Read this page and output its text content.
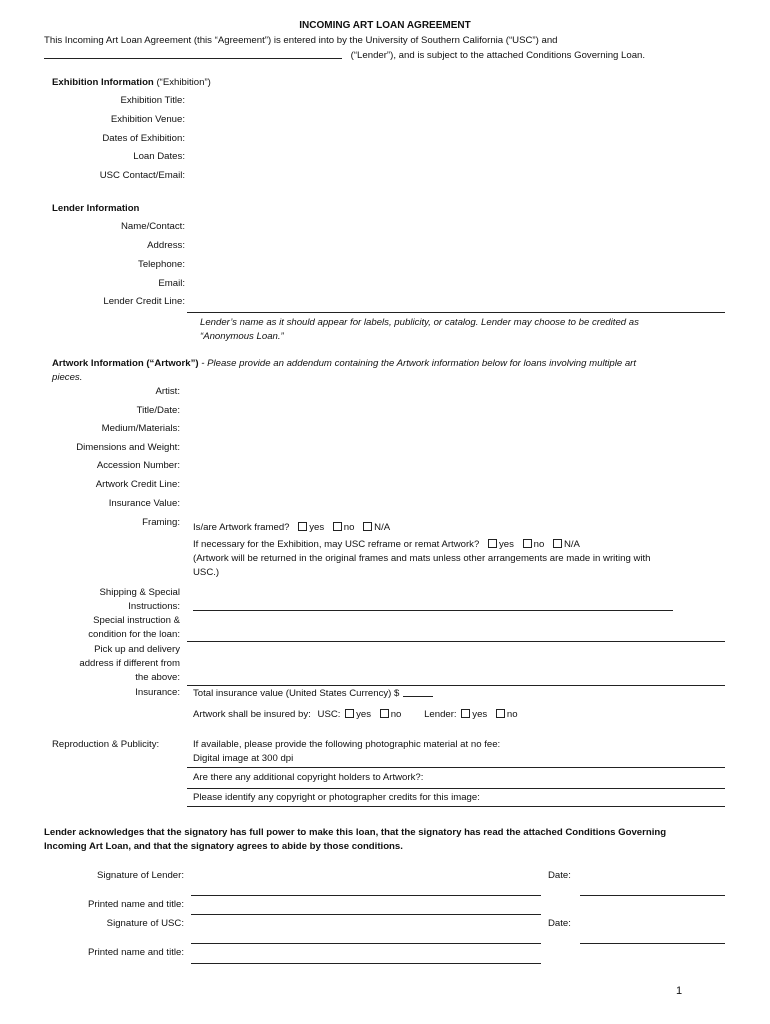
INCOMING ART LOAN AGREEMENT
This Incoming Art Loan Agreement (this “Agreement”) is entered into by the University of Southern California (“USC”) and
(“Lender”), and is subject to the attached Conditions Governing Loan.
Exhibition Information (“Exhibition”)
Exhibition Title:
Exhibition Venue:
Dates of Exhibition:
Loan Dates:
USC Contact/Email:
Lender Information
Name/Contact:
Address:
Telephone:
Email:
Lender Credit Line:
Lender’s name as it should appear for labels, publicity, or catalog. Lender may choose to be credited as
“Anonymous Loan.”
Artwork Information (“Artwork”) - Please provide an addendum containing the Artwork information below for loans involving multiple art
pieces.
Artist:
Title/Date:
Medium/Materials:
Dimensions and Weight:
Accession Number:
Artwork Credit Line:
Insurance Value:
Framing: Is/are Artwork framed? yes no N/A
If necessary for the Exhibition, may USC reframe or remat Artwork? yes no N/A
(Artwork will be returned in the original frames and mats unless other arrangements are made in writing with
USC.)
Shipping & Special
Instructions:
Special instruction &
condition for the loan:
Pick up and delivery
address if different from
the above:
Insurance: Total insurance value (United States Currency) $
Artwork shall be insured by: USC: yes no Lender: yes no
Reproduction & Publicity:	If available, please provide the following photographic material at no fee:
Digital image at 300 dpi
Are there any additional copyright holders to Artwork?:
Please identify any copyright or photographer credits for this image:
Lender acknowledges that the signatory has full power to make this loan, that the signatory has read the attached Conditions Governing
Incoming Art Loan, and that the signatory agrees to abide by those conditions.
Signature of Lender:	Date:
Printed name and title:
Signature of USC:	Date:
Printed name and title:
1
